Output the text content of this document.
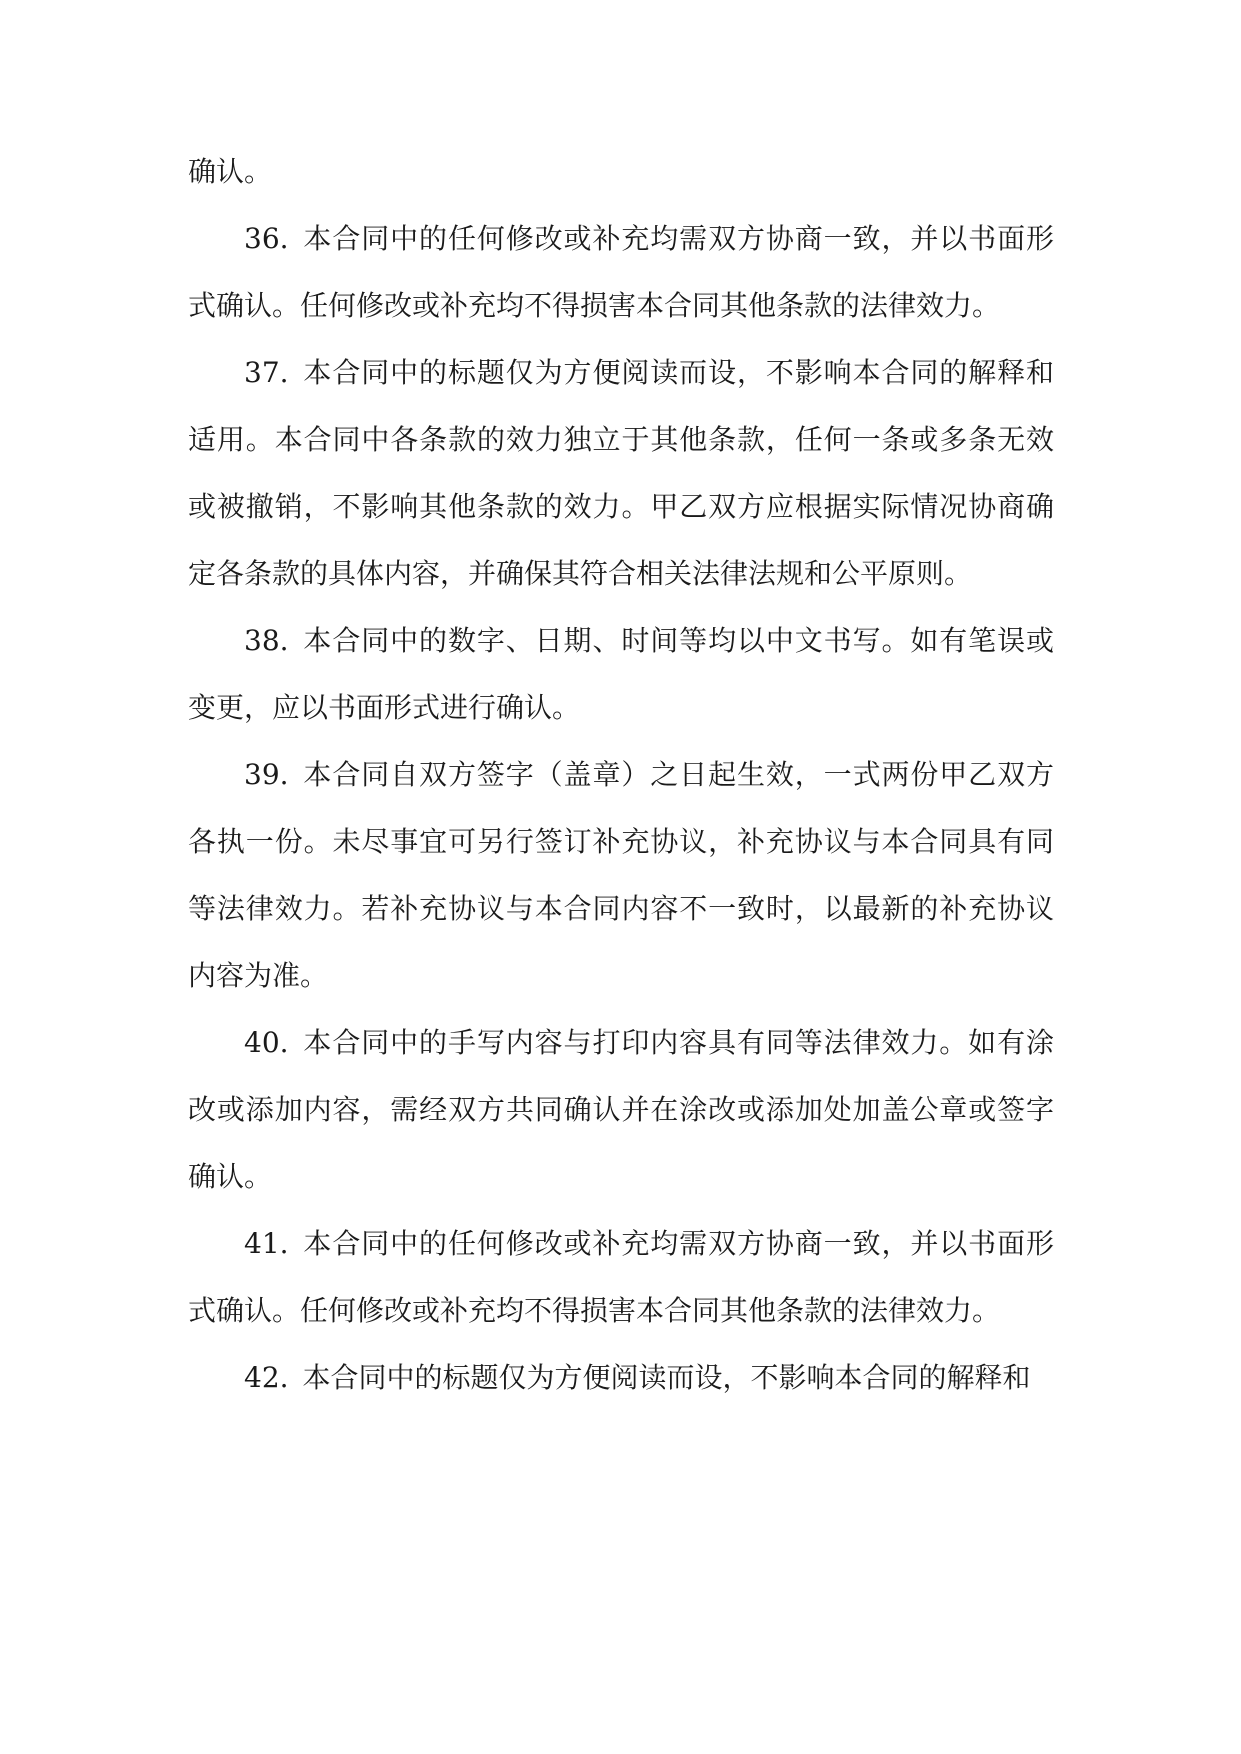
确认。

36. 本合同中的任何修改或补充均需双方协商一致，并以书面形式确认。任何修改或补充均不得损害本合同其他条款的法律效力。

37. 本合同中的标题仅为方便阅读而设，不影响本合同的解释和适用。本合同中各条款的效力独立于其他条款，任何一条或多条无效或被撤销，不影响其他条款的效力。甲乙双方应根据实际情况协商确定各条款的具体内容，并确保其符合相关法律法规和公平原则。

38. 本合同中的数字、日期、时间等均以中文书写。如有笔误或变更，应以书面形式进行确认。

39. 本合同自双方签字（盖章）之日起生效，一式两份甲乙双方各执一份。未尽事宜可另行签订补充协议，补充协议与本合同具有同等法律效力。若补充协议与本合同内容不一致时，以最新的补充协议内容为准。

40. 本合同中的手写内容与打印内容具有同等法律效力。如有涂改或添加内容，需经双方共同确认并在涂改或添加处加盖公章或签字确认。

41. 本合同中的任何修改或补充均需双方协商一致，并以书面形式确认。任何修改或补充均不得损害本合同其他条款的法律效力。

42. 本合同中的标题仅为方便阅读而设，不影响本合同的解释和
